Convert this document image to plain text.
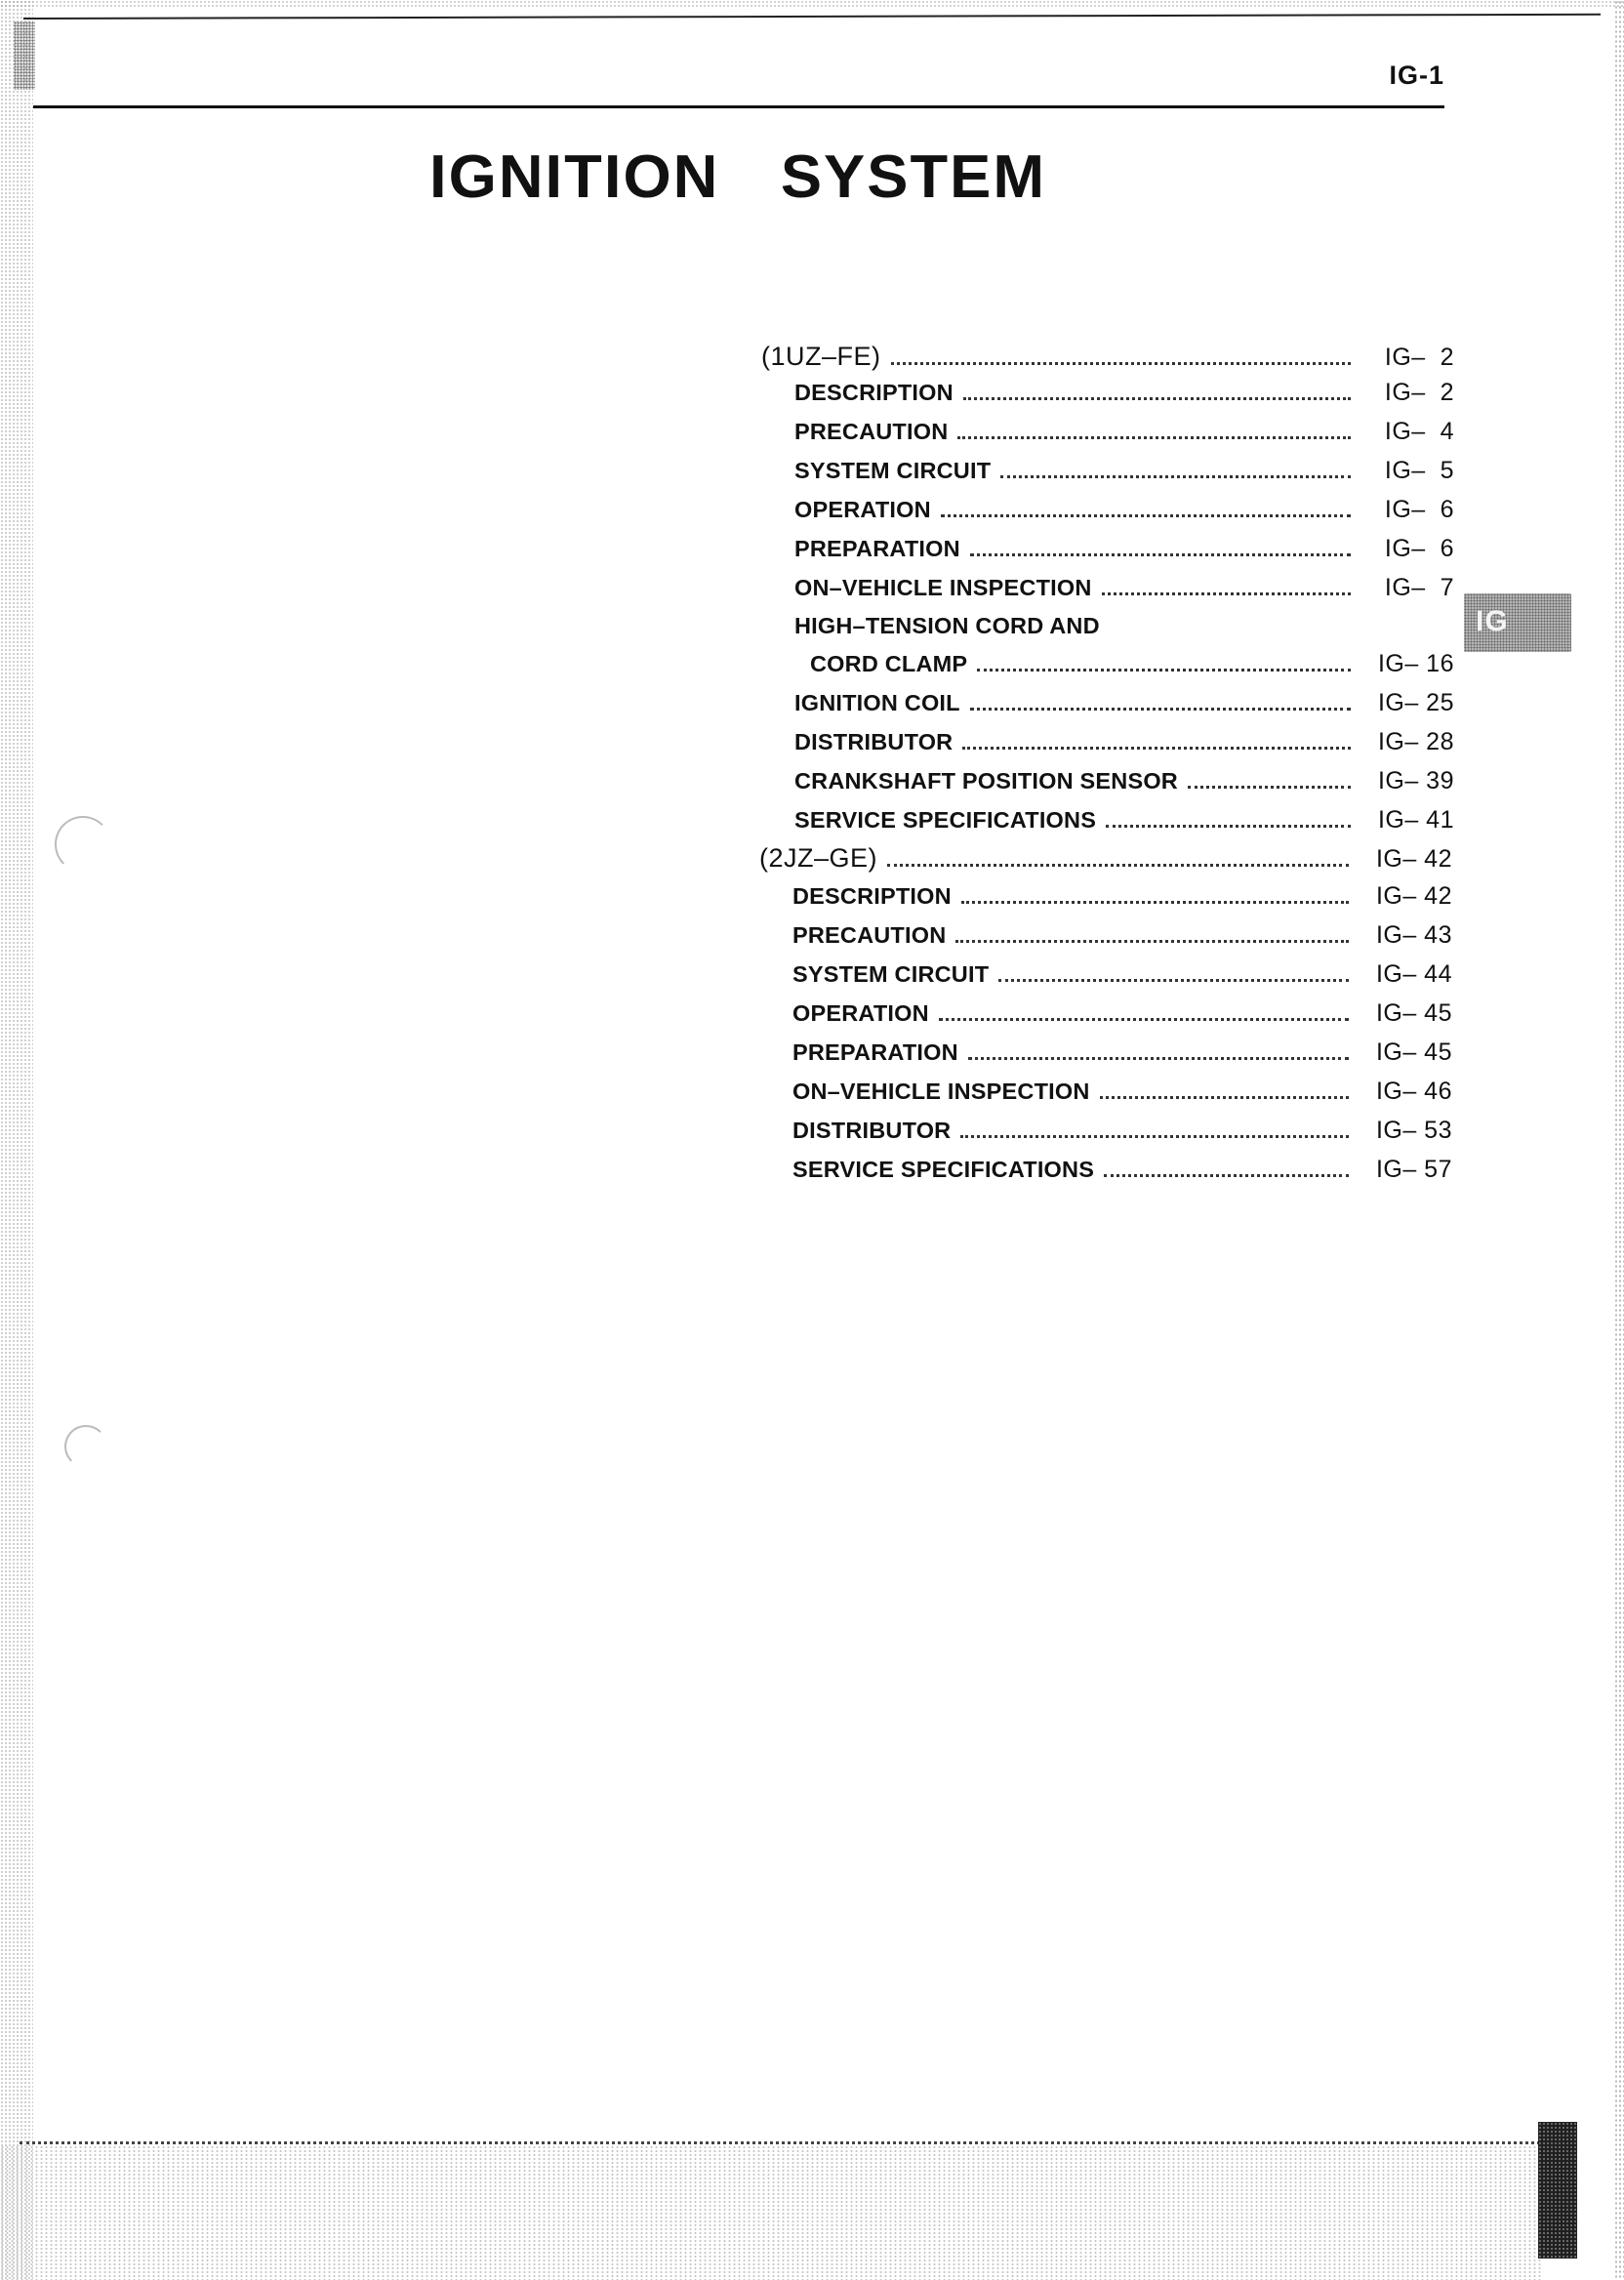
IG-1
IGNITION SYSTEM
IG
(1UZ–FE)	IG–  2
DESCRIPTION	IG–  2
PRECAUTION	IG–  4
SYSTEM CIRCUIT	IG–  5
OPERATION	IG–  6
PREPARATION	IG–  6
ON–VEHICLE INSPECTION	IG–  7
HIGH–TENSION CORD AND
CORD CLAMP	IG– 16
IGNITION COIL	IG– 25
DISTRIBUTOR	IG– 28
CRANKSHAFT POSITION SENSOR	IG– 39
SERVICE SPECIFICATIONS	IG– 41
(2JZ–GE)	IG– 42
DESCRIPTION	IG– 42
PRECAUTION	IG– 43
SYSTEM CIRCUIT	IG– 44
OPERATION	IG– 45
PREPARATION	IG– 45
ON–VEHICLE INSPECTION	IG– 46
DISTRIBUTOR	IG– 53
SERVICE SPECIFICATIONS	IG– 57
